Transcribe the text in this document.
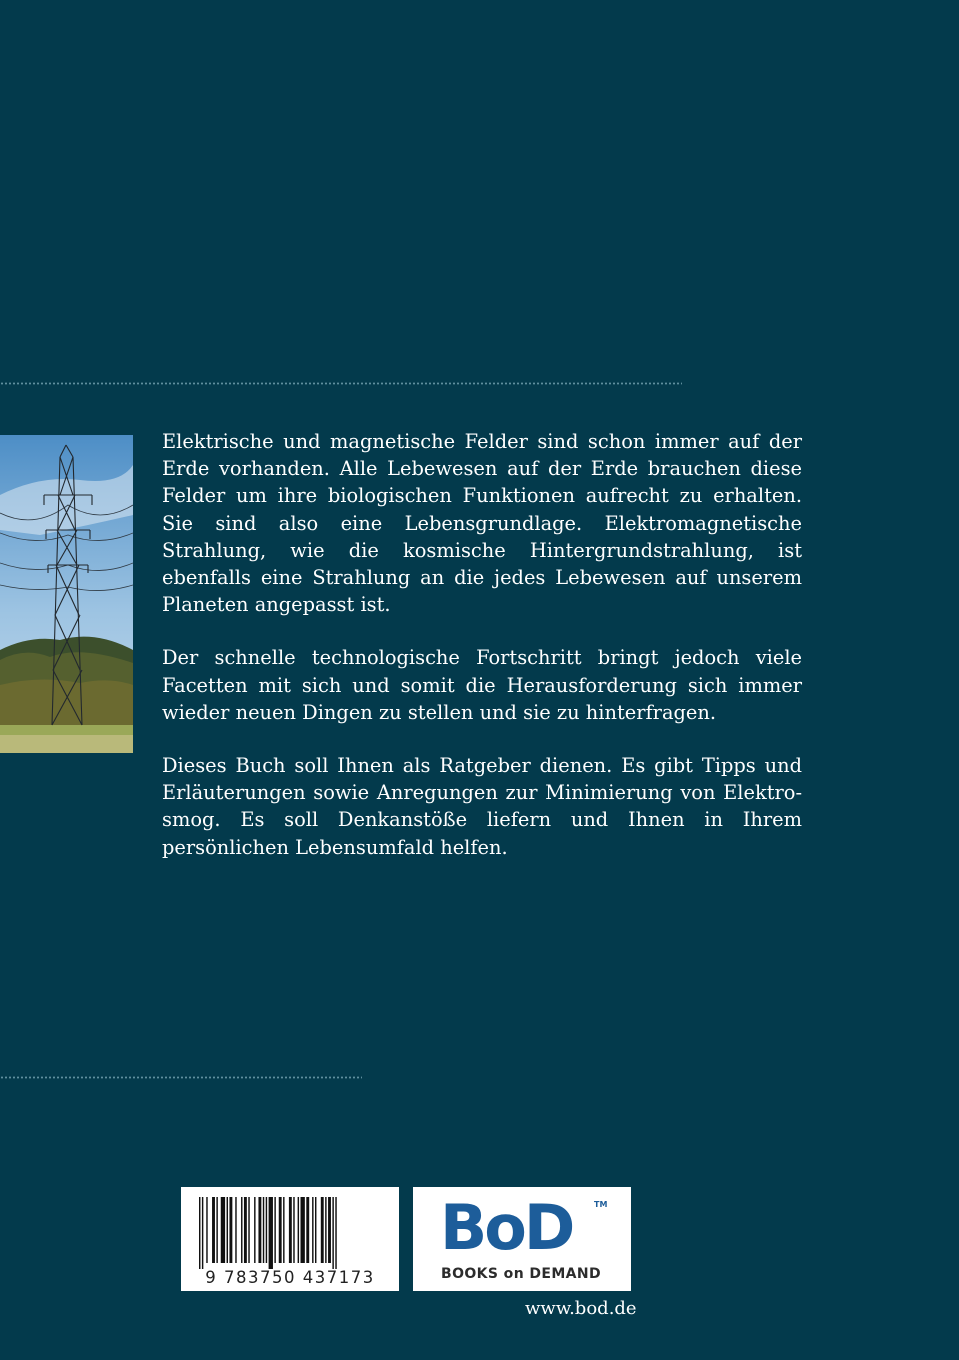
Elektrische und magnetische Felder sind schon immer auf der Erde vorhanden. Alle Lebewesen auf der Erde brauchen diese Felder um ihre biologischen Funktionen aufrecht zu erhalten. Sie sind also eine Lebensgrundlage. Elektromagnetische Strahlung, wie die kosmische Hintergrundstrahlung, ist ebenfalls eine Strahlung an die jedes Lebewesen auf unserem Planeten angepasst ist.

Der schnelle technologische Fortschritt bringt jedoch viele Facetten mit sich und somit die Herausforderung sich immer wieder neuen Dingen zu stellen und sie zu hinterfragen.

Dieses Buch soll Ihnen als Ratgeber dienen. Es gibt Tipps und Erläuterungen sowie Anregungen zur Minimierung von Elektrosmog. Es soll Denkanstöße liefern und Ihnen in Ihrem persönlichen Lebensumfald helfen.

9 783750 437173
BoD	TM
BOOKS on DEMAND
www.bod.de
